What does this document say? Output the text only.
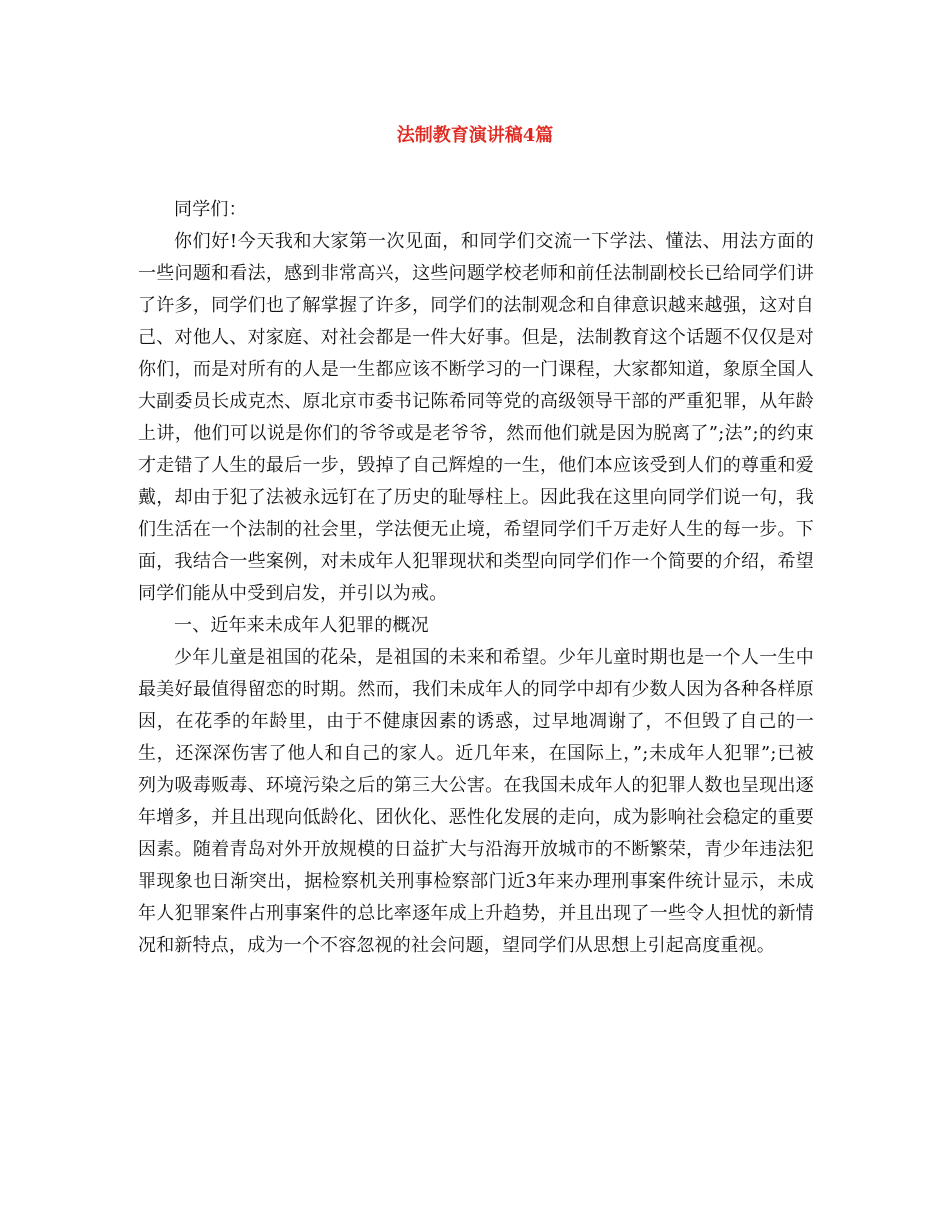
法制教育演讲稿4篇

同学们：

你们好!今天我和大家第一次见面，和同学们交流一下学法、懂法、用法方面的一些问题和看法，感到非常高兴，这些问题学校老师和前任法制副校长已给同学们讲了许多，同学们也了解掌握了许多，同学们的法制观念和自律意识越来越强，这对自己、对他人、对家庭、对社会都是一件大好事。但是，法制教育这个话题不仅仅是对你们，而是对所有的人是一生都应该不断学习的一门课程，大家都知道，象原全国人大副委员长成克杰、原北京市委书记陈希同等党的高级领导干部的严重犯罪，从年龄上讲，他们可以说是你们的爷爷或是老爷爷，然而他们就是因为脱离了”;法”;的约束才走错了人生的最后一步，毁掉了自己辉煌的一生，他们本应该受到人们的尊重和爱戴，却由于犯了法被永远钉在了历史的耻辱柱上。因此我在这里向同学们说一句，我们生活在一个法制的社会里，学法便无止境，希望同学们千万走好人生的每一步。下面，我结合一些案例，对未成年人犯罪现状和类型向同学们作一个简要的介绍，希望同学们能从中受到启发，并引以为戒。

一、近年来未成年人犯罪的概况

少年儿童是祖国的花朵，是祖国的未来和希望。少年儿童时期也是一个人一生中最美好最值得留恋的时期。然而，我们未成年人的同学中却有少数人因为各种各样原因，在花季的年龄里，由于不健康因素的诱惑，过早地凋谢了，不但毁了自己的一生，还深深伤害了他人和自己的家人。近几年来，在国际上，”;未成年人犯罪”;已被列为吸毒贩毒、环境污染之后的第三大公害。在我国未成年人的犯罪人数也呈现出逐年增多，并且出现向低龄化、团伙化、恶性化发展的走向，成为影响社会稳定的重要因素。随着青岛对外开放规模的日益扩大与沿海开放城市的不断繁荣，青少年违法犯罪现象也日渐突出，据检察机关刑事检察部门近3年来办理刑事案件统计显示，未成年人犯罪案件占刑事案件的总比率逐年成上升趋势，并且出现了一些令人担忧的新情况和新特点，成为一个不容忽视的社会问题，望同学们从思想上引起高度重视。
